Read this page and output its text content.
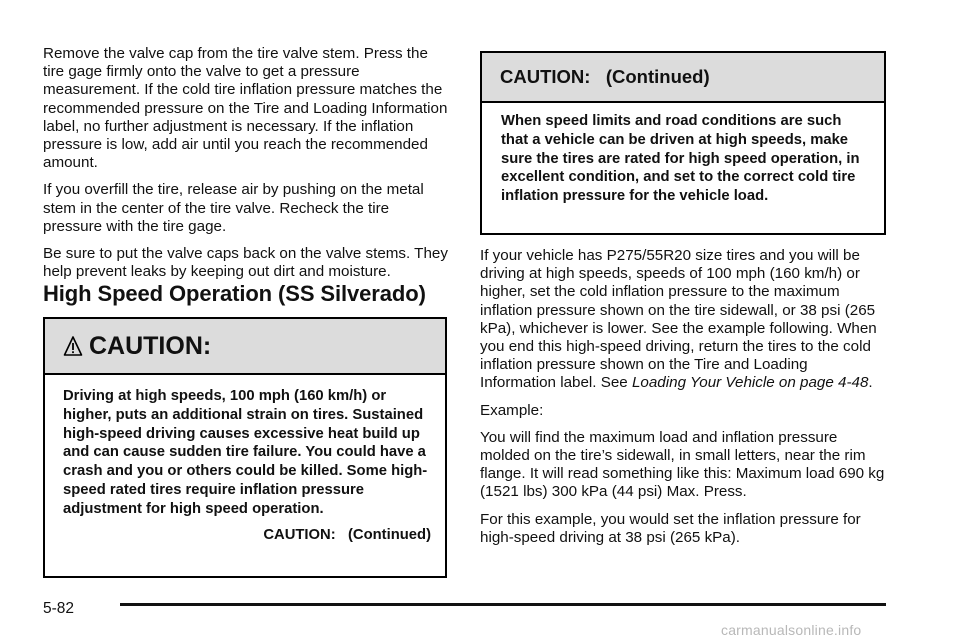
Remove the valve cap from the tire valve stem. Press the tire gage firmly onto the valve to get a pressure measurement. If the cold tire inflation pressure matches the recommended pressure on the Tire and Loading Information label, no further adjustment is necessary. If the inflation pressure is low, add air until you reach the recommended amount.

If you overfill the tire, release air by pushing on the metal stem in the center of the tire valve. Recheck the tire pressure with the tire gage.

Be sure to put the valve caps back on the valve stems. They help prevent leaks by keeping out dirt and moisture.

High Speed Operation (SS Silverado)
CAUTION:
Driving at high speeds, 100 mph (160 km/h) or higher, puts an additional strain on tires. Sustained high-speed driving causes excessive heat build up and can cause sudden tire failure. You could have a crash and you or others could be killed. Some high-speed rated tires require inflation pressure adjustment for high speed operation.
CAUTION:   (Continued)
CAUTION:   (Continued)
When speed limits and road conditions are such that a vehicle can be driven at high speeds, make sure the tires are rated for high speed operation, in excellent condition, and set to the correct cold tire inflation pressure for the vehicle load.

If your vehicle has P275/55R20 size tires and you will be driving at high speeds, speeds of 100 mph (160 km/h) or higher, set the cold inflation pressure to the maximum inflation pressure shown on the tire sidewall, or 38 psi (265 kPa), whichever is lower. See the example following. When you end this high-speed driving, return the tires to the cold inflation pressure shown on the Tire and Loading Information label. See Loading Your Vehicle on page 4-48.

Example:

You will find the maximum load and inflation pressure molded on the tire’s sidewall, in small letters, near the rim flange. It will read something like this: Maximum load 690 kg (1521 lbs) 300 kPa (44 psi) Max. Press.

For this example, you would set the inflation pressure for high-speed driving at 38 psi (265 kPa).

5-82

carmanualsonline.info
